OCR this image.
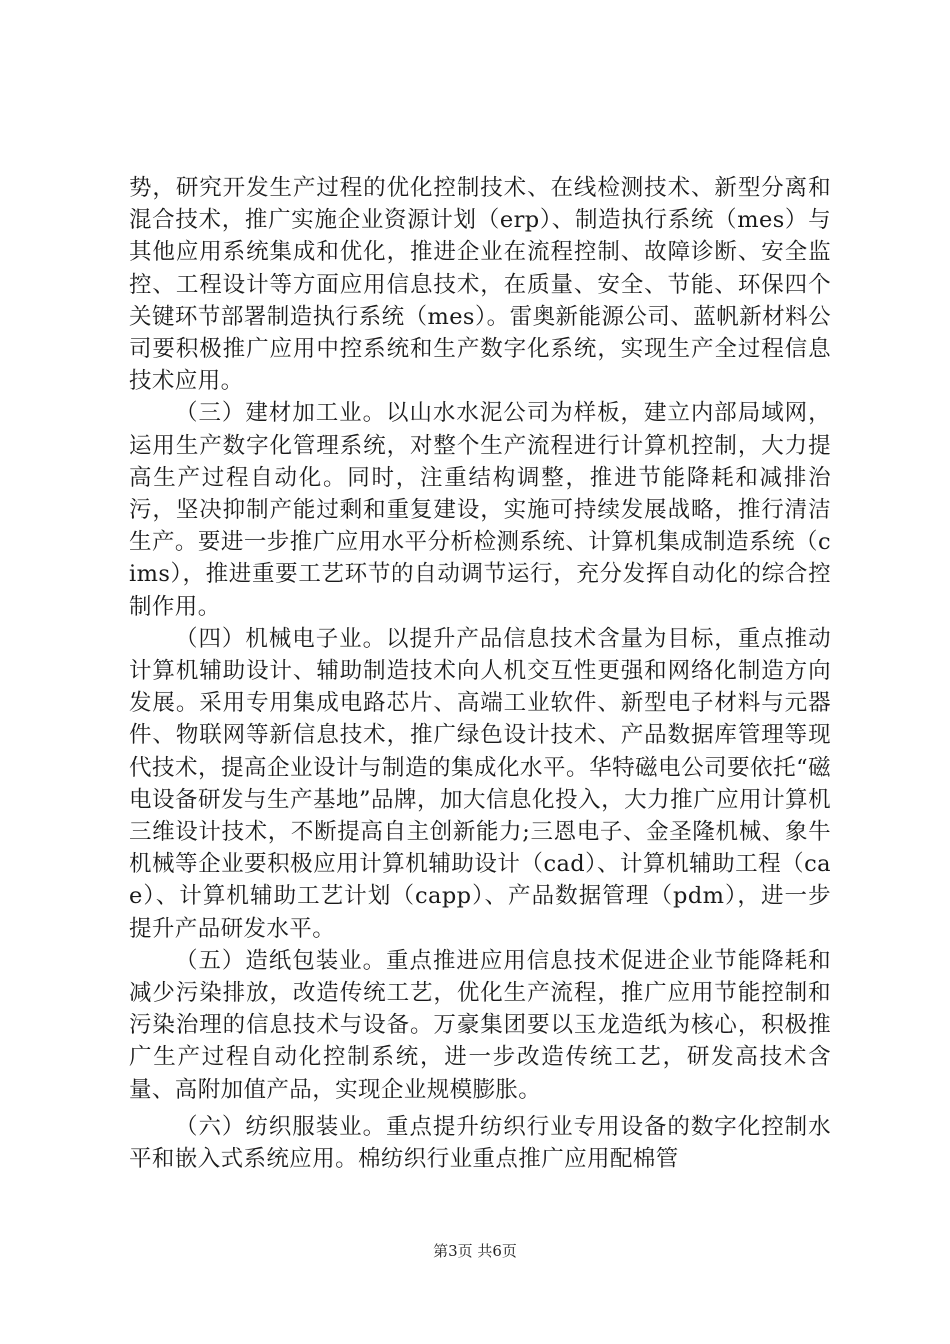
势，研究开发生产过程的优化控制技术、在线检测技术、新型分离和混合技术，推广实施企业资源计划（erp）、制造执行系统（mes）与其他应用系统集成和优化，推进企业在流程控制、故障诊断、安全监控、工程设计等方面应用信息技术，在质量、安全、节能、环保四个关键环节部署制造执行系统（mes）。雷奥新能源公司、蓝帆新材料公司要积极推广应用中控系统和生产数字化系统，实现生产全过程信息技术应用。

（三）建材加工业。以山水水泥公司为样板，建立内部局域网，运用生产数字化管理系统，对整个生产流程进行计算机控制，大力提高生产过程自动化。同时，注重结构调整，推进节能降耗和减排治污，坚决抑制产能过剩和重复建设，实施可持续发展战略，推行清洁生产。要进一步推广应用水平分析检测系统、计算机集成制造系统（cims），推进重要工艺环节的自动调节运行，充分发挥自动化的综合控制作用。

（四）机械电子业。以提升产品信息技术含量为目标，重点推动计算机辅助设计、辅助制造技术向人机交互性更强和网络化制造方向发展。采用专用集成电路芯片、高端工业软件、新型电子材料与元器件、物联网等新信息技术，推广绿色设计技术、产品数据库管理等现代技术，提高企业设计与制造的集成化水平。华特磁电公司要依托“磁电设备研发与生产基地”品牌，加大信息化投入，大力推广应用计算机三维设计技术，不断提高自主创新能力;三恩电子、金圣隆机械、象牛机械等企业要积极应用计算机辅助设计（cad）、计算机辅助工程（cae）、计算机辅助工艺计划（capp）、产品数据管理（pdm），进一步提升产品研发水平。

（五）造纸包装业。重点推进应用信息技术促进企业节能降耗和减少污染排放，改造传统工艺，优化生产流程，推广应用节能控制和污染治理的信息技术与设备。万豪集团要以玉龙造纸为核心，积极推广生产过程自动化控制系统，进一步改造传统工艺，研发高技术含量、高附加值产品，实现企业规模膨胀。

（六）纺织服装业。重点提升纺织行业专用设备的数字化控制水平和嵌入式系统应用。棉纺织行业重点推广应用配棉管

第3页 共6页
